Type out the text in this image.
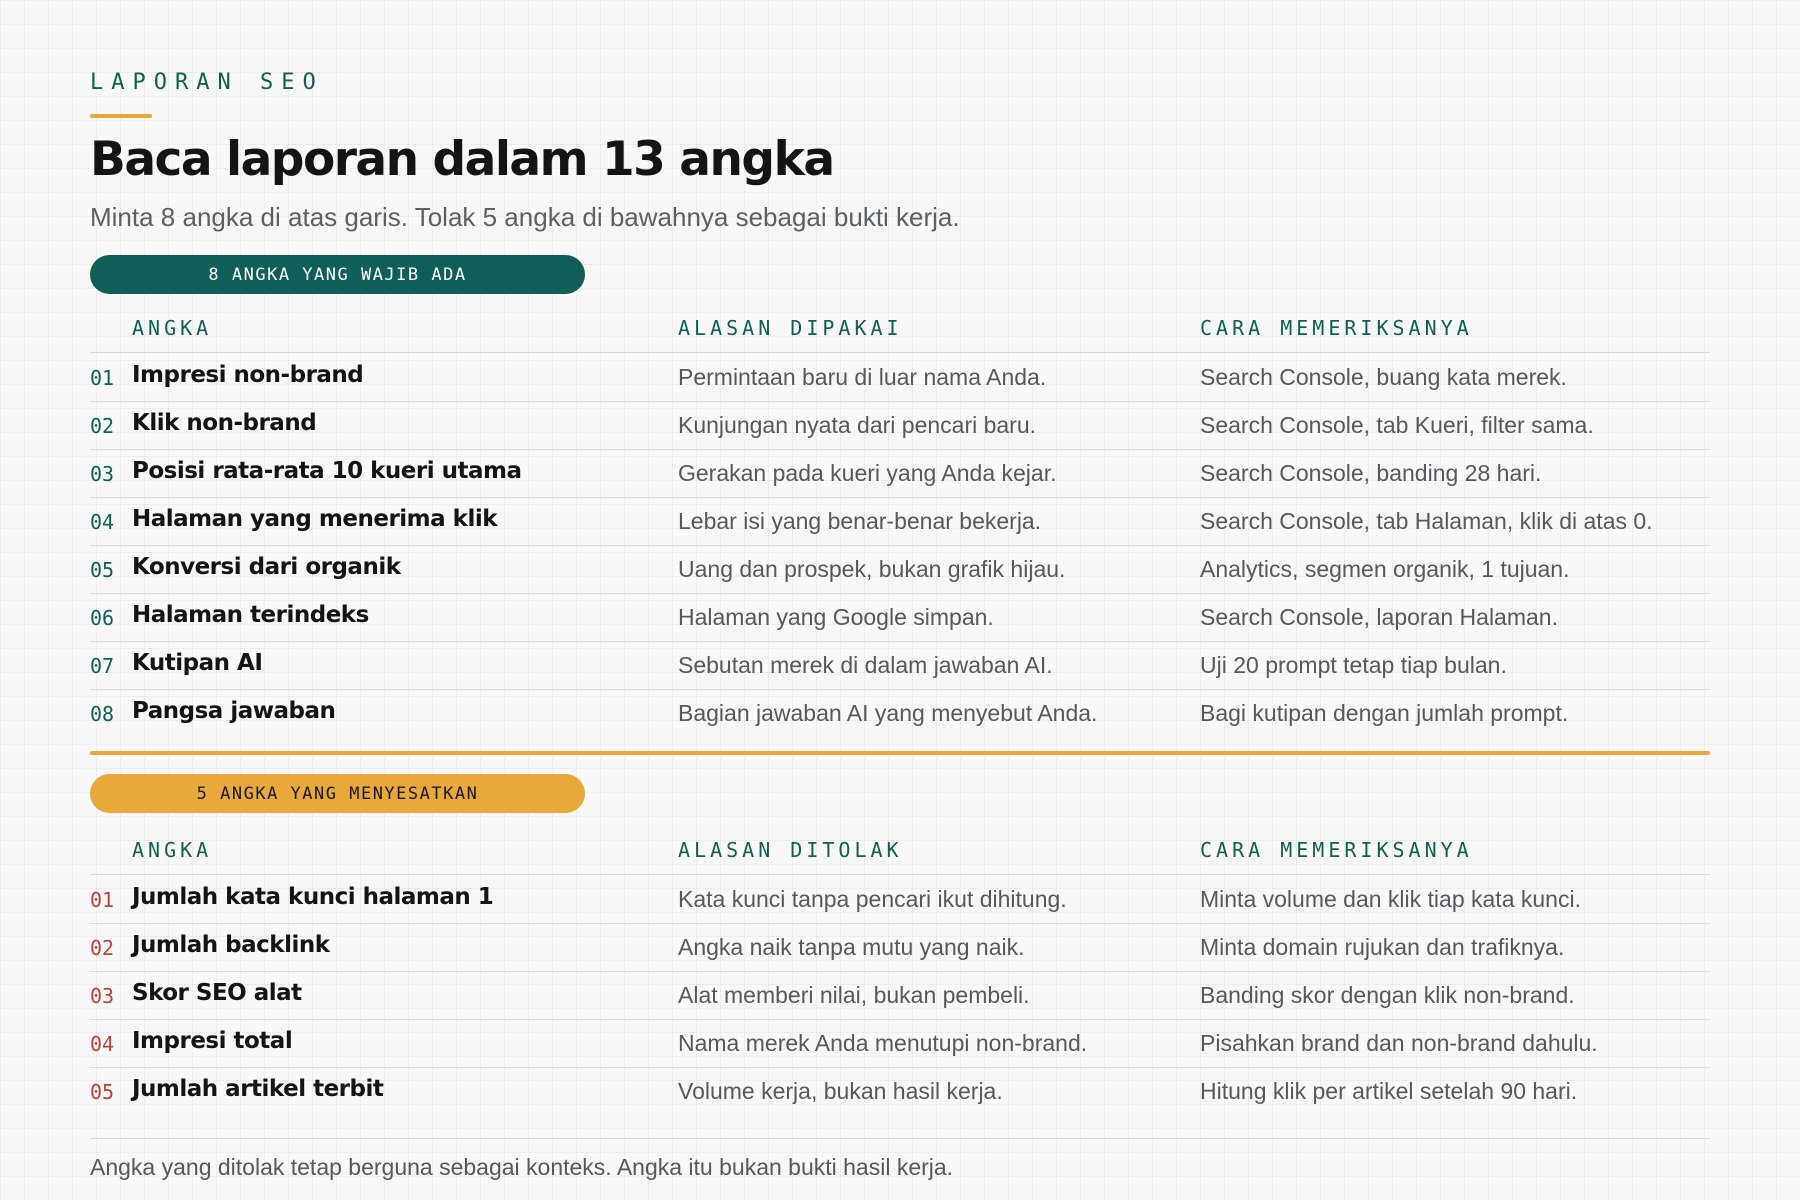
LAPORAN SEO
Baca laporan dalam 13 angka
Minta 8 angka di atas garis. Tolak 5 angka di bawahnya sebagai bukti kerja.
8 ANGKA YANG WAJIB ADA
ANGKA	ALASAN DIPAKAI	CARA MEMERIKSANYA
01 Impresi non-brand	Permintaan baru di luar nama Anda.	Search Console, buang kata merek.
02 Klik non-brand	Kunjungan nyata dari pencari baru.	Search Console, tab Kueri, filter sama.
03 Posisi rata-rata 10 kueri utama	Gerakan pada kueri yang Anda kejar.	Search Console, banding 28 hari.
04 Halaman yang menerima klik	Lebar isi yang benar-benar bekerja.	Search Console, tab Halaman, klik di atas 0.
05 Konversi dari organik	Uang dan prospek, bukan grafik hijau.	Analytics, segmen organik, 1 tujuan.
06 Halaman terindeks	Halaman yang Google simpan.	Search Console, laporan Halaman.
07 Kutipan AI	Sebutan merek di dalam jawaban AI.	Uji 20 prompt tetap tiap bulan.
08 Pangsa jawaban	Bagian jawaban AI yang menyebut Anda.	Bagi kutipan dengan jumlah prompt.
5 ANGKA YANG MENYESATKAN
ANGKA	ALASAN DITOLAK	CARA MEMERIKSANYA
01 Jumlah kata kunci halaman 1	Kata kunci tanpa pencari ikut dihitung.	Minta volume dan klik tiap kata kunci.
02 Jumlah backlink	Angka naik tanpa mutu yang naik.	Minta domain rujukan dan trafiknya.
03 Skor SEO alat	Alat memberi nilai, bukan pembeli.	Banding skor dengan klik non-brand.
04 Impresi total	Nama merek Anda menutupi non-brand.	Pisahkan brand dan non-brand dahulu.
05 Jumlah artikel terbit	Volume kerja, bukan hasil kerja.	Hitung klik per artikel setelah 90 hari.
Angka yang ditolak tetap berguna sebagai konteks. Angka itu bukan bukti hasil kerja.
